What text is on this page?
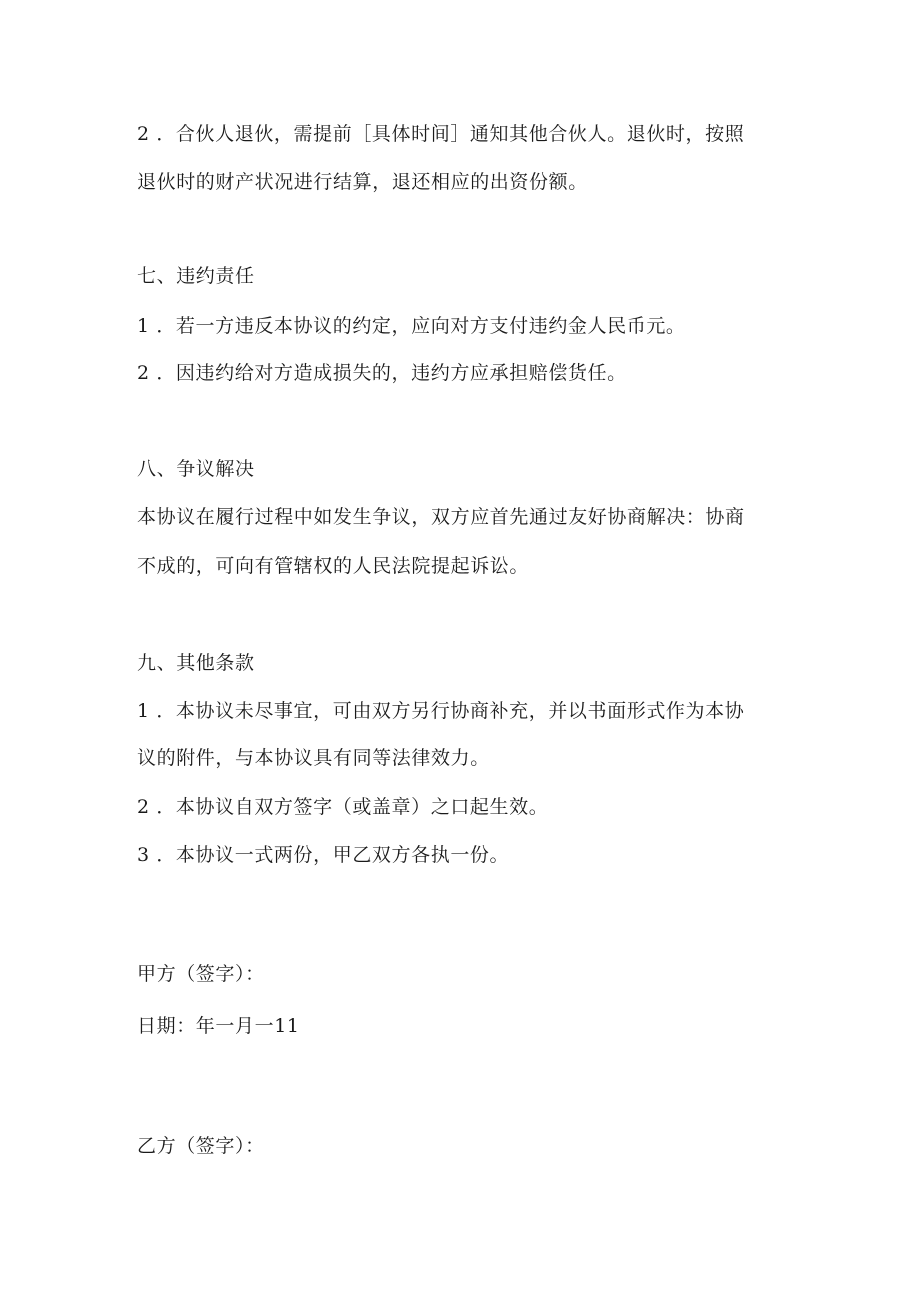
2 ．合伙人退伙，需提前［具体时间］通知其他合伙人。退伙时，按照
退伙时的财产状况进行结算，退还相应的出资份额。
七、违约责任
1 ．若一方违反本协议的约定，应向对方支付违约金人民币元。
2 ．因违约给对方造成损失的，违约方应承担赔偿货任。
八、争议解决
本协议在履行过程中如发生争议，双方应首先通过友好协商解决：协商
不成的，可向有管辖权的人民法院提起诉讼。
九、其他条款
1 ．本协议未尽事宜，可由双方另行协商补充，并以书面形式作为本协
议的附件，与本协议具有同等法律效力。
2 ．本协议自双方签字（或盖章）之口起生效。
3 ．本协议一式两份，甲乙双方各执一份。
甲方（签字）：
日期：年一月一11
乙方（签字）：
